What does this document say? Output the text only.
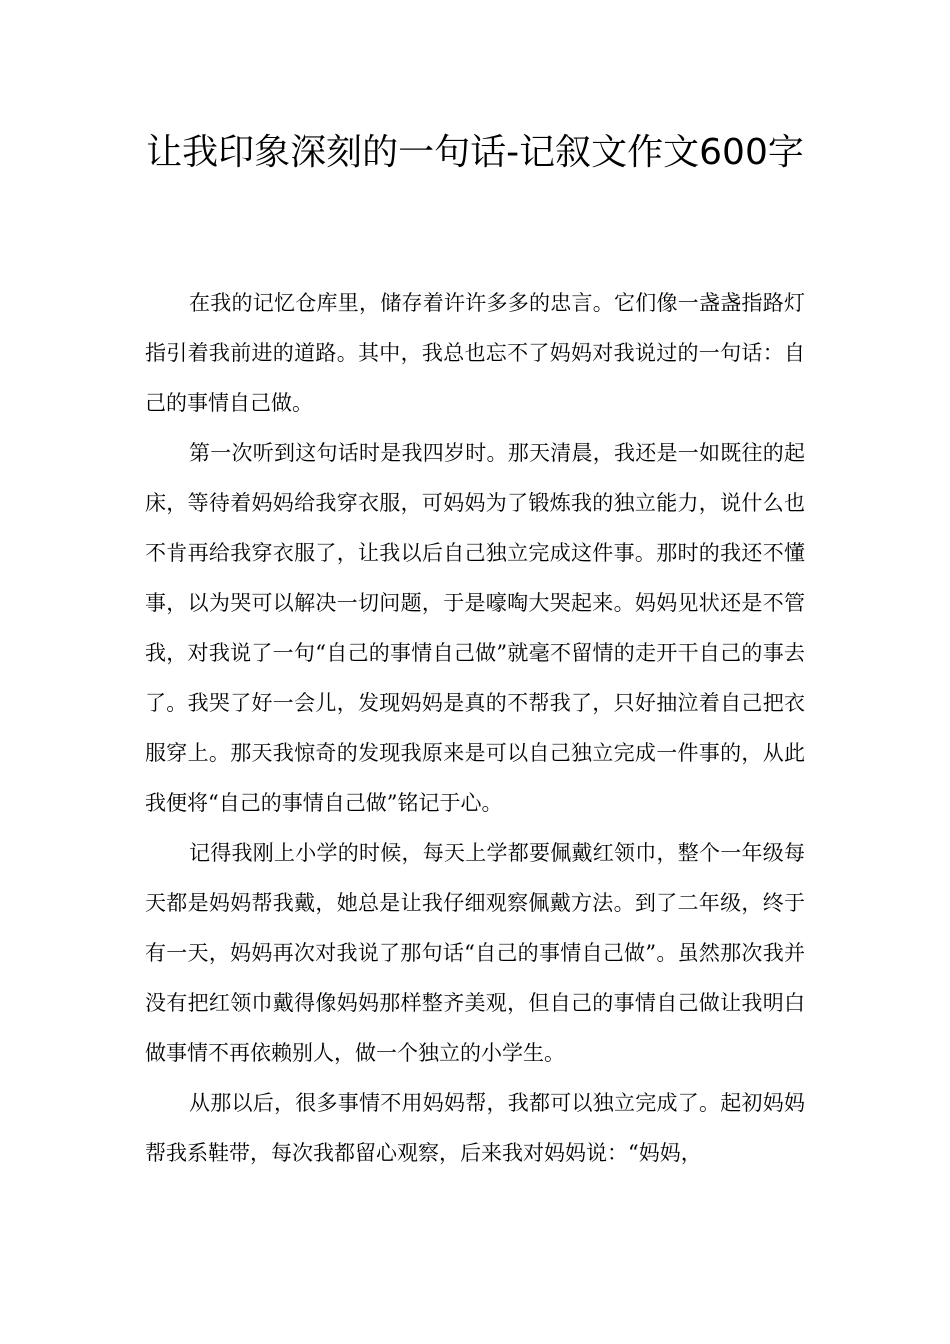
让我印象深刻的一句话-记叙文作文600字

在我的记忆仓库里，储存着许许多多的忠言。它们像一盏盏指路灯指引着我前进的道路。其中，我总也忘不了妈妈对我说过的一句话：自己的事情自己做。

第一次听到这句话时是我四岁时。那天清晨，我还是一如既往的起床，等待着妈妈给我穿衣服，可妈妈为了锻炼我的独立能力，说什么也不肯再给我穿衣服了，让我以后自己独立完成这件事。那时的我还不懂事，以为哭可以解决一切问题，于是嚎啕大哭起来。妈妈见状还是不管我，对我说了一句“自己的事情自己做”就毫不留情的走开干自己的事去了。我哭了好一会儿，发现妈妈是真的不帮我了，只好抽泣着自己把衣服穿上。那天我惊奇的发现我原来是可以自己独立完成一件事的，从此我便将“自己的事情自己做”铭记于心。

记得我刚上小学的时候，每天上学都要佩戴红领巾，整个一年级每天都是妈妈帮我戴，她总是让我仔细观察佩戴方法。到了二年级，终于有一天，妈妈再次对我说了那句话“自己的事情自己做”。虽然那次我并没有把红领巾戴得像妈妈那样整齐美观，但自己的事情自己做让我明白做事情不再依赖别人，做一个独立的小学生。

从那以后，很多事情不用妈妈帮，我都可以独立完成了。起初妈妈帮我系鞋带，每次我都留心观察，后来我对妈妈说：“妈妈，
